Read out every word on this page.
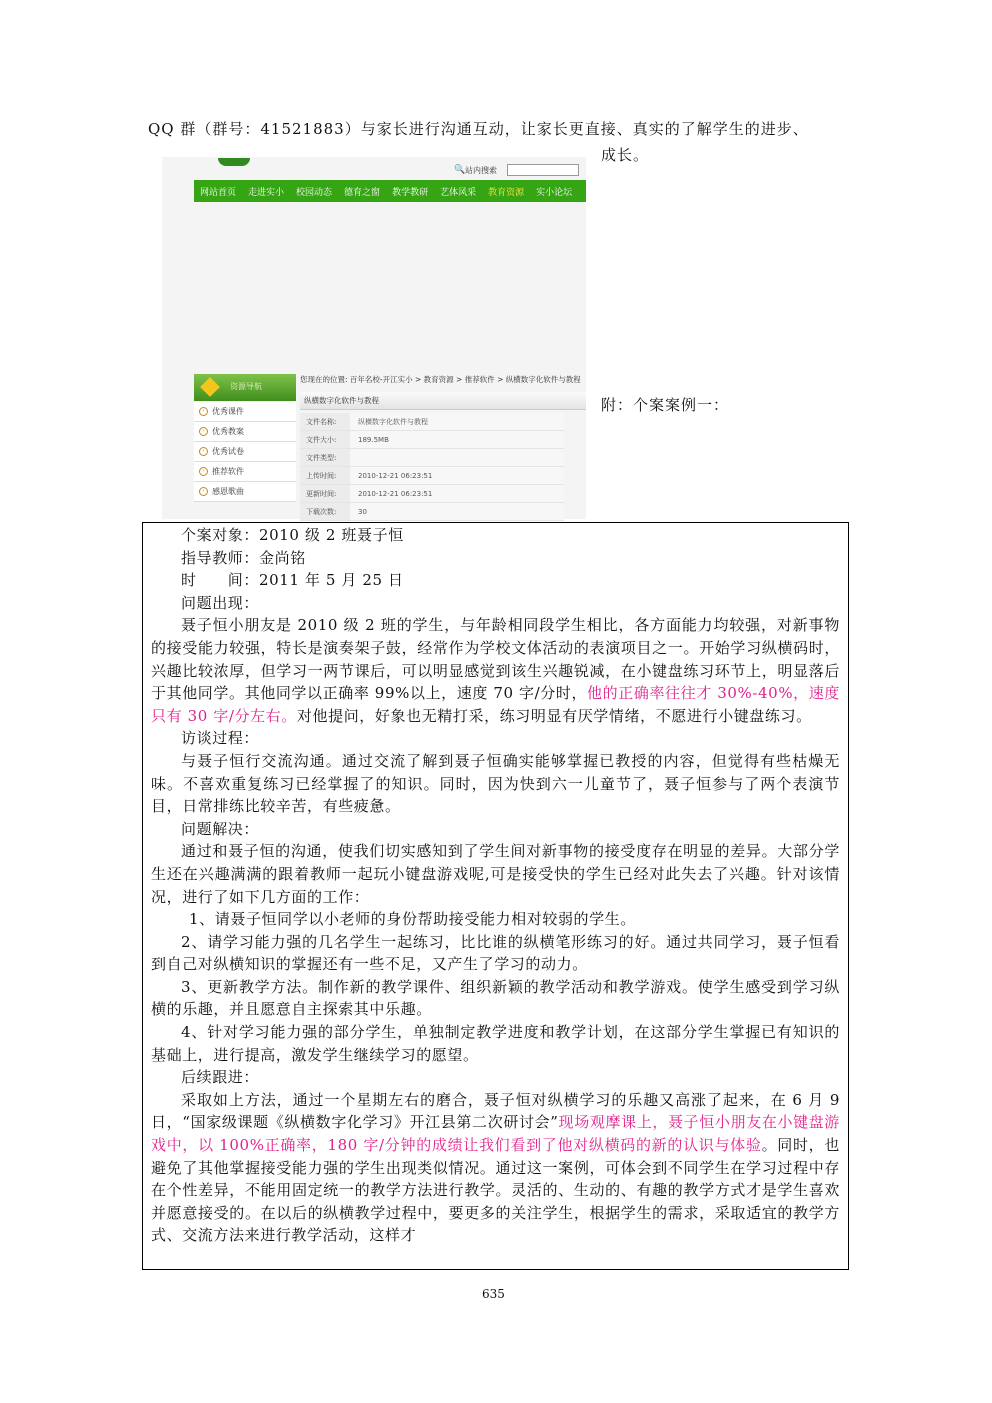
QQ 群（群号：41521883）与家长进行沟通互动，让家长更直接、真实的了解学生的进步、
成长。
🔍 站内搜索
网站首页	走进实小	校园动态	德育之窗	教学教研	艺体风采	教育资源	实小论坛
资源导航
› 优秀课件
› 优秀教案
› 优秀试卷
› 推荐软件
› 感恩歌曲
您现在的位置: 百年名校-开江实小 > 教育资源 > 推荐软件 > 纵横数字化软件与教程
纵横数字化软件与教程
文件名称:	纵横数字化软件与教程
文件大小:	189.5MB
文件类型:
上传时间:	2010-12-21 06:23:51
更新时间:	2010-12-21 06:23:51
下载次数:	30
附：个案案例一：

个案对象：2010 级 2 班聂子恒

指导教师：金尚铭

时　　间：2011 年 5 月 25 日

问题出现：

聂子恒小朋友是 2010 级 2 班的学生，与年龄相同段学生相比，各方面能力均较强，对新事物的接受能力较强，特长是演奏架子鼓，经常作为学校文体活动的表演项目之一。开始学习纵横码时，兴趣比较浓厚，但学习一两节课后，可以明显感觉到该生兴趣锐减，在小键盘练习环节上，明显落后于其他同学。其他同学以正确率 99%以上，速度 70 字/分时，他的正确率往往才 30%-40%，速度只有 30 字/分左右。对他提问，好象也无精打采，练习明显有厌学情绪，不愿进行小键盘练习。

访谈过程：

与聂子恒行交流沟通。通过交流了解到聂子恒确实能够掌握已教授的内容，但觉得有些枯燥无味。不喜欢重复练习已经掌握了的知识。同时，因为快到六一儿童节了，聂子恒参与了两个表演节目，日常排练比较辛苦，有些疲惫。

问题解决：

通过和聂子恒的沟通，使我们切实感知到了学生间对新事物的接受度存在明显的差异。大部分学生还在兴趣满满的跟着教师一起玩小键盘游戏呢,可是接受快的学生已经对此失去了兴趣。针对该情况，进行了如下几方面的工作：

1、请聂子恒同学以小老师的身份帮助接受能力相对较弱的学生。

2、请学习能力强的几名学生一起练习，比比谁的纵横笔形练习的好。通过共同学习，聂子恒看到自己对纵横知识的掌握还有一些不足，又产生了学习的动力。

3、更新教学方法。制作新的教学课件、组织新颖的教学活动和教学游戏。使学生感受到学习纵横的乐趣，并且愿意自主探索其中乐趣。

4、针对学习能力强的部分学生，单独制定教学进度和教学计划，在这部分学生掌握已有知识的基础上，进行提高，激发学生继续学习的愿望。

后续跟进：

采取如上方法，通过一个星期左右的磨合，聂子恒对纵横学习的乐趣又高涨了起来，在 6 月 9 日，“国家级课题《纵横数字化学习》开江县第二次研讨会”现场观摩课上，聂子恒小朋友在小键盘游戏中，以 100%正确率，180 字/分钟的成绩让我们看到了他对纵横码的新的认识与体验。同时，也避免了其他掌握接受能力强的学生出现类似情况。通过这一案例，可体会到不同学生在学习过程中存在个性差异，不能用固定统一的教学方法进行教学。灵活的、生动的、有趣的教学方式才是学生喜欢并愿意接受的。在以后的纵横教学过程中，要更多的关注学生，根据学生的需求，采取适宜的教学方式、交流方法来进行教学活动，这样才

635
